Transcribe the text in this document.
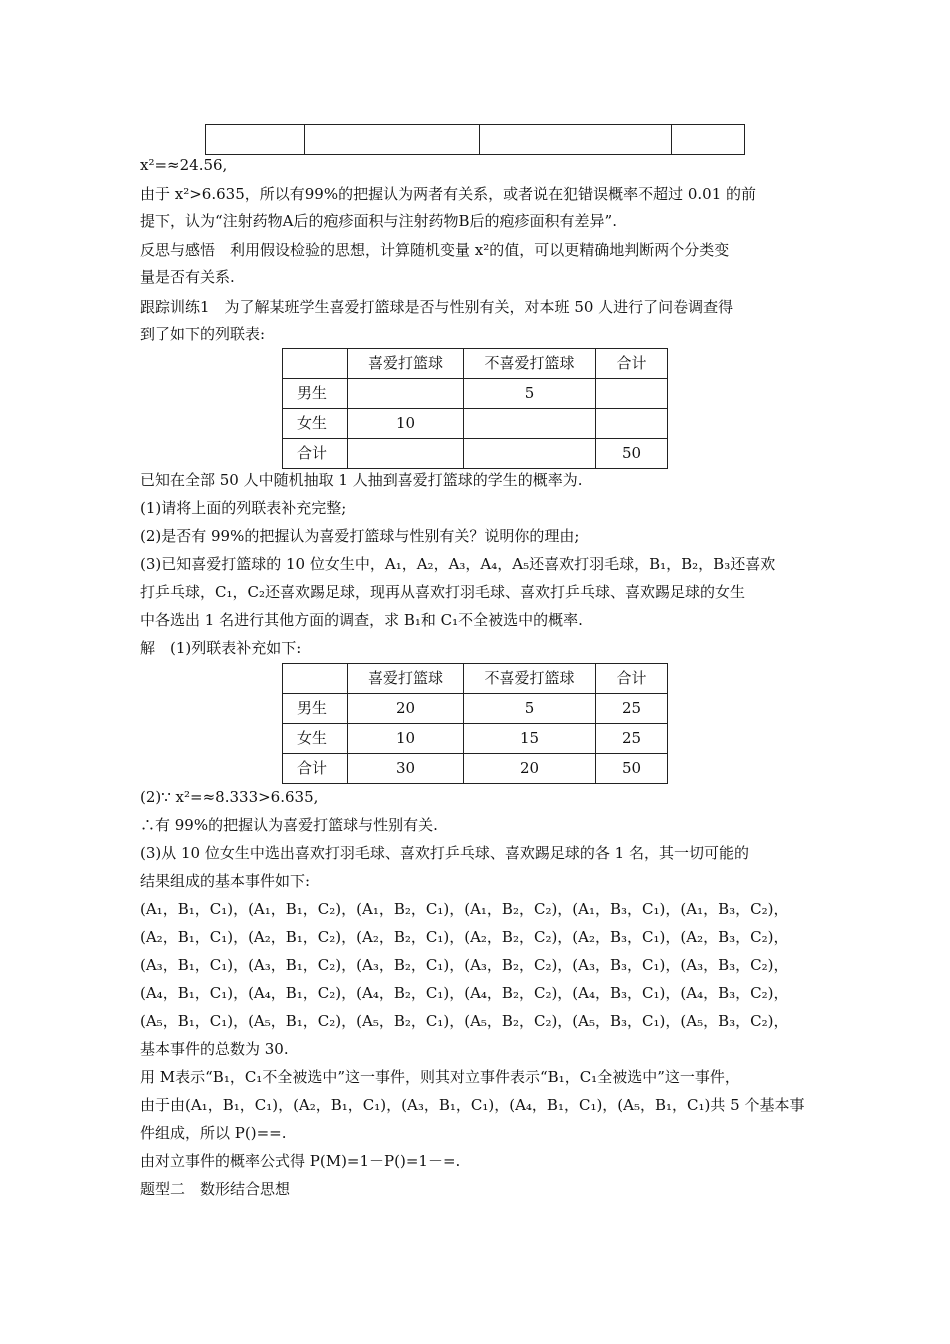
x²=≈24.56,
由于 x²>6.635，所以有99%的把握认为两者有关系，或者说在犯错误概率不超过 0.01 的前
提下，认为“注射药物A后的疱疹面积与注射药物B后的疱疹面积有差异”.
反思与感悟　利用假设检验的思想，计算随机变量 x²的值，可以更精确地判断两个分类变
量是否有关系.
跟踪训练1　为了解某班学生喜爱打篮球是否与性别有关，对本班 50 人进行了问卷调查得
到了如下的列联表:
	喜爱打篮球	不喜爱打篮球	合计
男生		5	
女生	10		
合计			50
已知在全部 50 人中随机抽取 1 人抽到喜爱打篮球的学生的概率为.
(1)请将上面的列联表补充完整;
(2)是否有 99%的把握认为喜爱打篮球与性别有关？说明你的理由;
(3)已知喜爱打篮球的 10 位女生中，A₁，A₂，A₃，A₄，A₅还喜欢打羽毛球，B₁，B₂，B₃还喜欢
打乒乓球，C₁，C₂还喜欢踢足球，现再从喜欢打羽毛球、喜欢打乒乓球、喜欢踢足球的女生
中各选出 1 名进行其他方面的调查，求 B₁和 C₁不全被选中的概率.
解　(1)列联表补充如下:
	喜爱打篮球	不喜爱打篮球	合计
男生	20	5	25
女生	10	15	25
合计	30	20	50
(2)∵ x²=≈8.333>6.635,
∴有 99%的把握认为喜爱打篮球与性别有关.
(3)从 10 位女生中选出喜欢打羽毛球、喜欢打乒乓球、喜欢踢足球的各 1 名，其一切可能的
结果组成的基本事件如下:
(A₁，B₁，C₁)，(A₁，B₁，C₂)，(A₁，B₂，C₁)，(A₁，B₂，C₂)，(A₁，B₃，C₁)，(A₁，B₃，C₂)，
(A₂，B₁，C₁)，(A₂，B₁，C₂)，(A₂，B₂，C₁)，(A₂，B₂，C₂)，(A₂，B₃，C₁)，(A₂，B₃，C₂)，
(A₃，B₁，C₁)，(A₃，B₁，C₂)，(A₃，B₂，C₁)，(A₃，B₂，C₂)，(A₃，B₃，C₁)，(A₃，B₃，C₂)，
(A₄，B₁，C₁)，(A₄，B₁，C₂)，(A₄，B₂，C₁)，(A₄，B₂，C₂)，(A₄，B₃，C₁)，(A₄，B₃，C₂)，
(A₅，B₁，C₁)，(A₅，B₁，C₂)，(A₅，B₂，C₁)，(A₅，B₂，C₂)，(A₅，B₃，C₁)，(A₅，B₃，C₂)，
基本事件的总数为 30.
用 M表示“B₁，C₁不全被选中”这一事件，则其对立事件表示“B₁，C₁全被选中”这一事件，
由于由(A₁，B₁，C₁)，(A₂，B₁，C₁)，(A₃，B₁，C₁)，(A₄，B₁，C₁)，(A₅，B₁，C₁)共 5 个基本事
件组成，所以 P()==.
由对立事件的概率公式得 P(M)=1－P()=1－=.
题型二　数形结合思想
